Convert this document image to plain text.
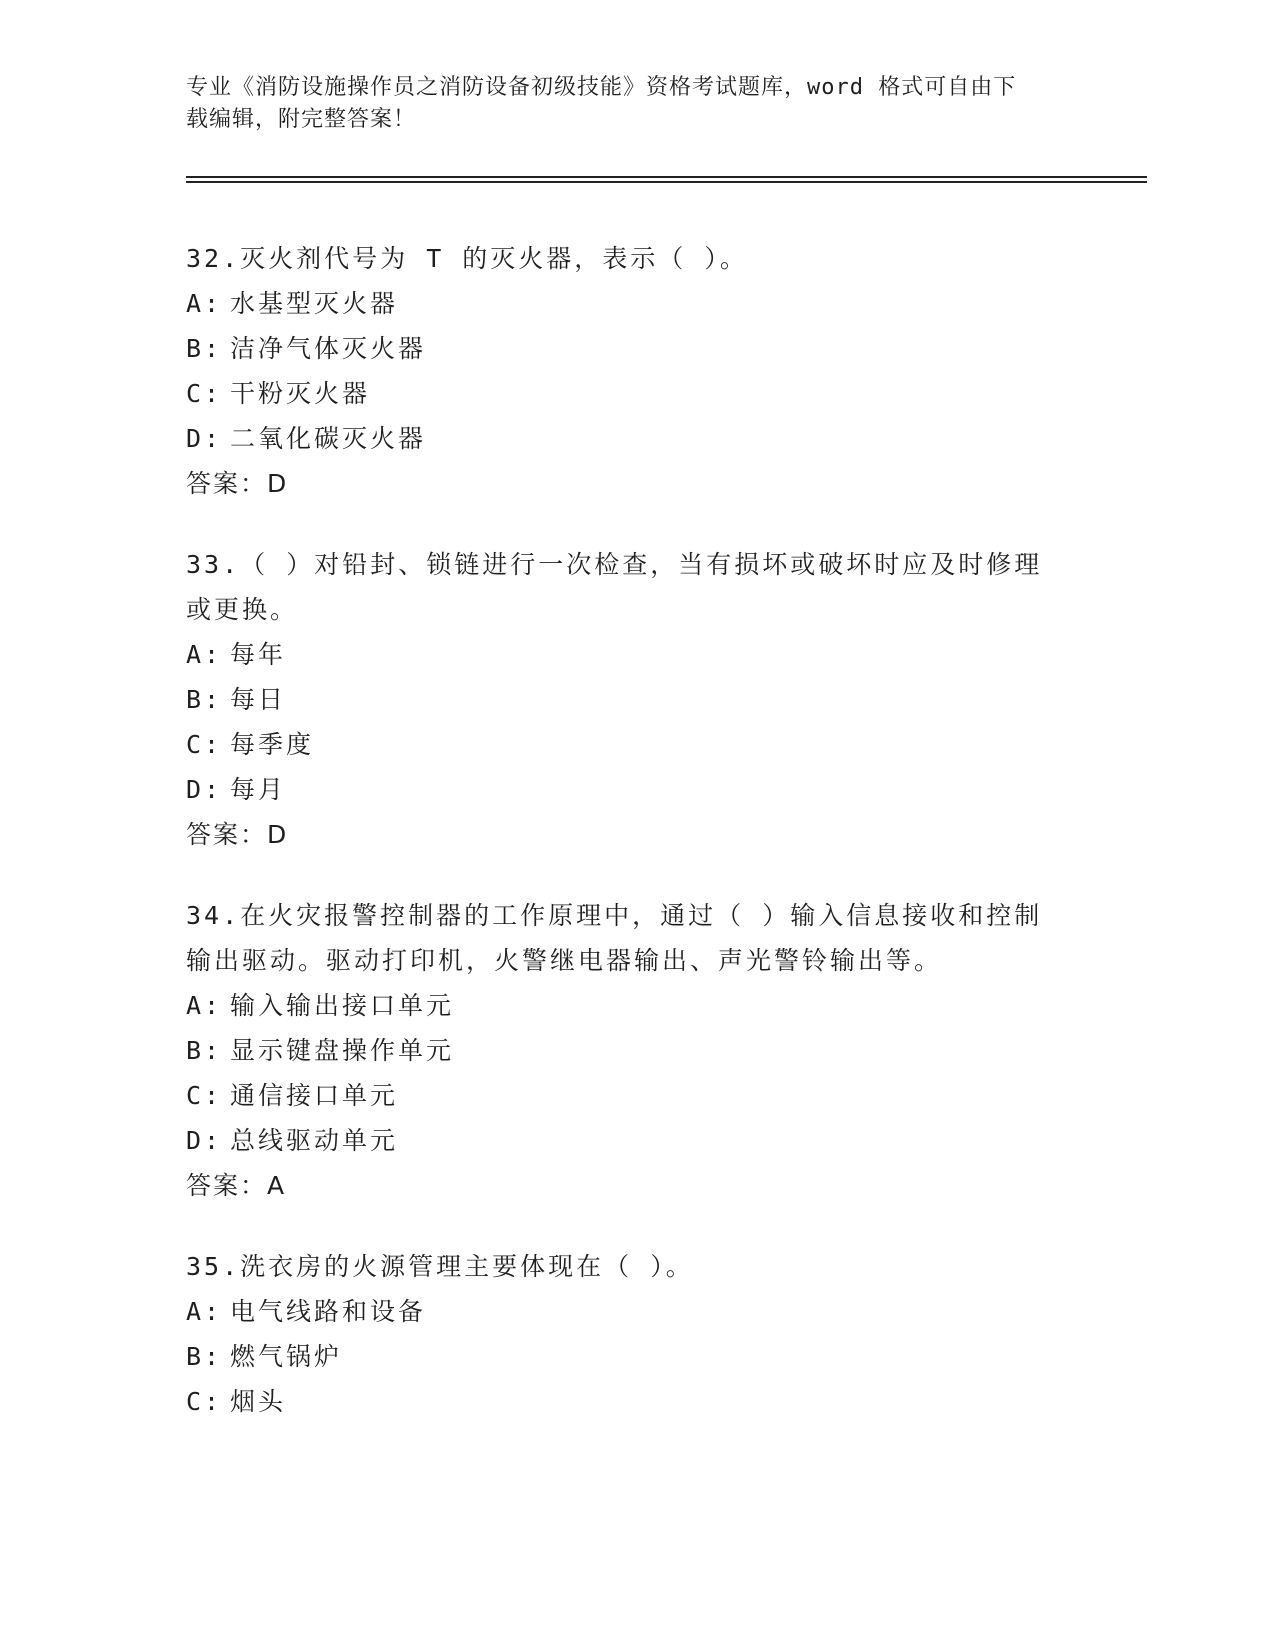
专业《消防设施操作员之消防设备初级技能》资格考试题库，word 格式可自由下
载编辑，附完整答案！
32.灭火剂代号为 T 的灭火器，表示（ ）。
A: 水基型灭火器
B: 洁净气体灭火器
C: 干粉灭火器
D: 二氧化碳灭火器
答案：D
33.（ ）对铅封、锁链进行一次检查，当有损坏或破坏时应及时修理
或更换。
A: 每年
B: 每日
C: 每季度
D: 每月
答案：D
34.在火灾报警控制器的工作原理中，通过（ ）输入信息接收和控制
输出驱动。驱动打印机，火警继电器输出、声光警铃输出等。
A: 输入输出接口单元
B: 显示键盘操作单元
C: 通信接口单元
D: 总线驱动单元
答案：A
35.洗衣房的火源管理主要体现在（ ）。
A: 电气线路和设备
B: 燃气锅炉
C: 烟头
